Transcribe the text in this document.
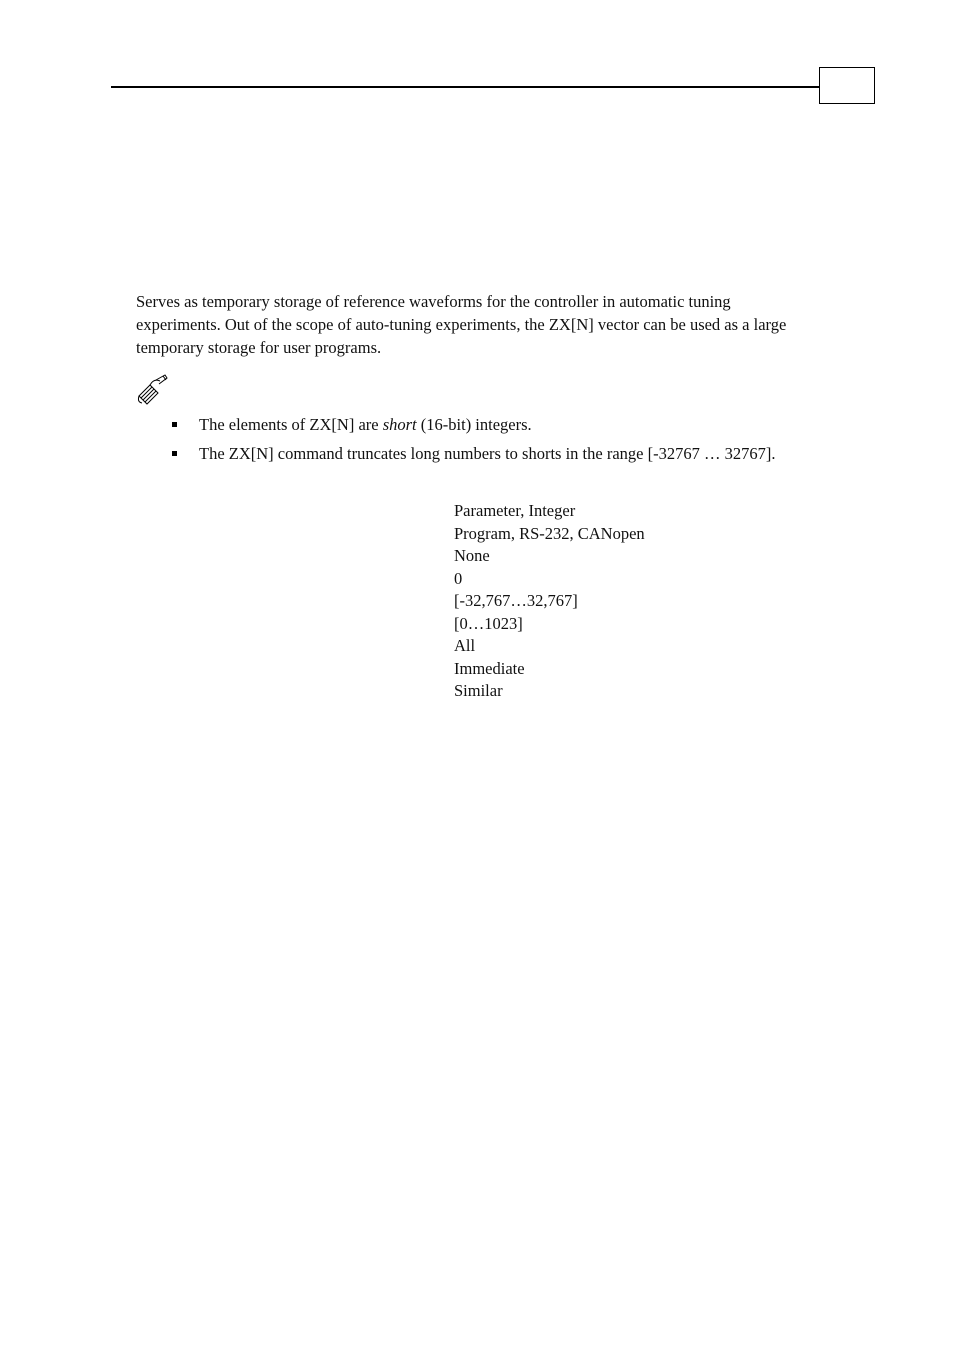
Serves as temporary storage of reference waveforms for the controller in automatic tuning experiments. Out of the scope of auto-tuning experiments, the ZX[N] vector can be used as a large temporary storage for user programs.

The elements of ZX[N] are short (16-bit) integers.
The ZX[N] command truncates long numbers to shorts in the range [-32767 … 32767].
Parameter, Integer
Program, RS-232, CANopen
None
0
[-32,767…32,767]
[0…1023]
All
Immediate
Similar
